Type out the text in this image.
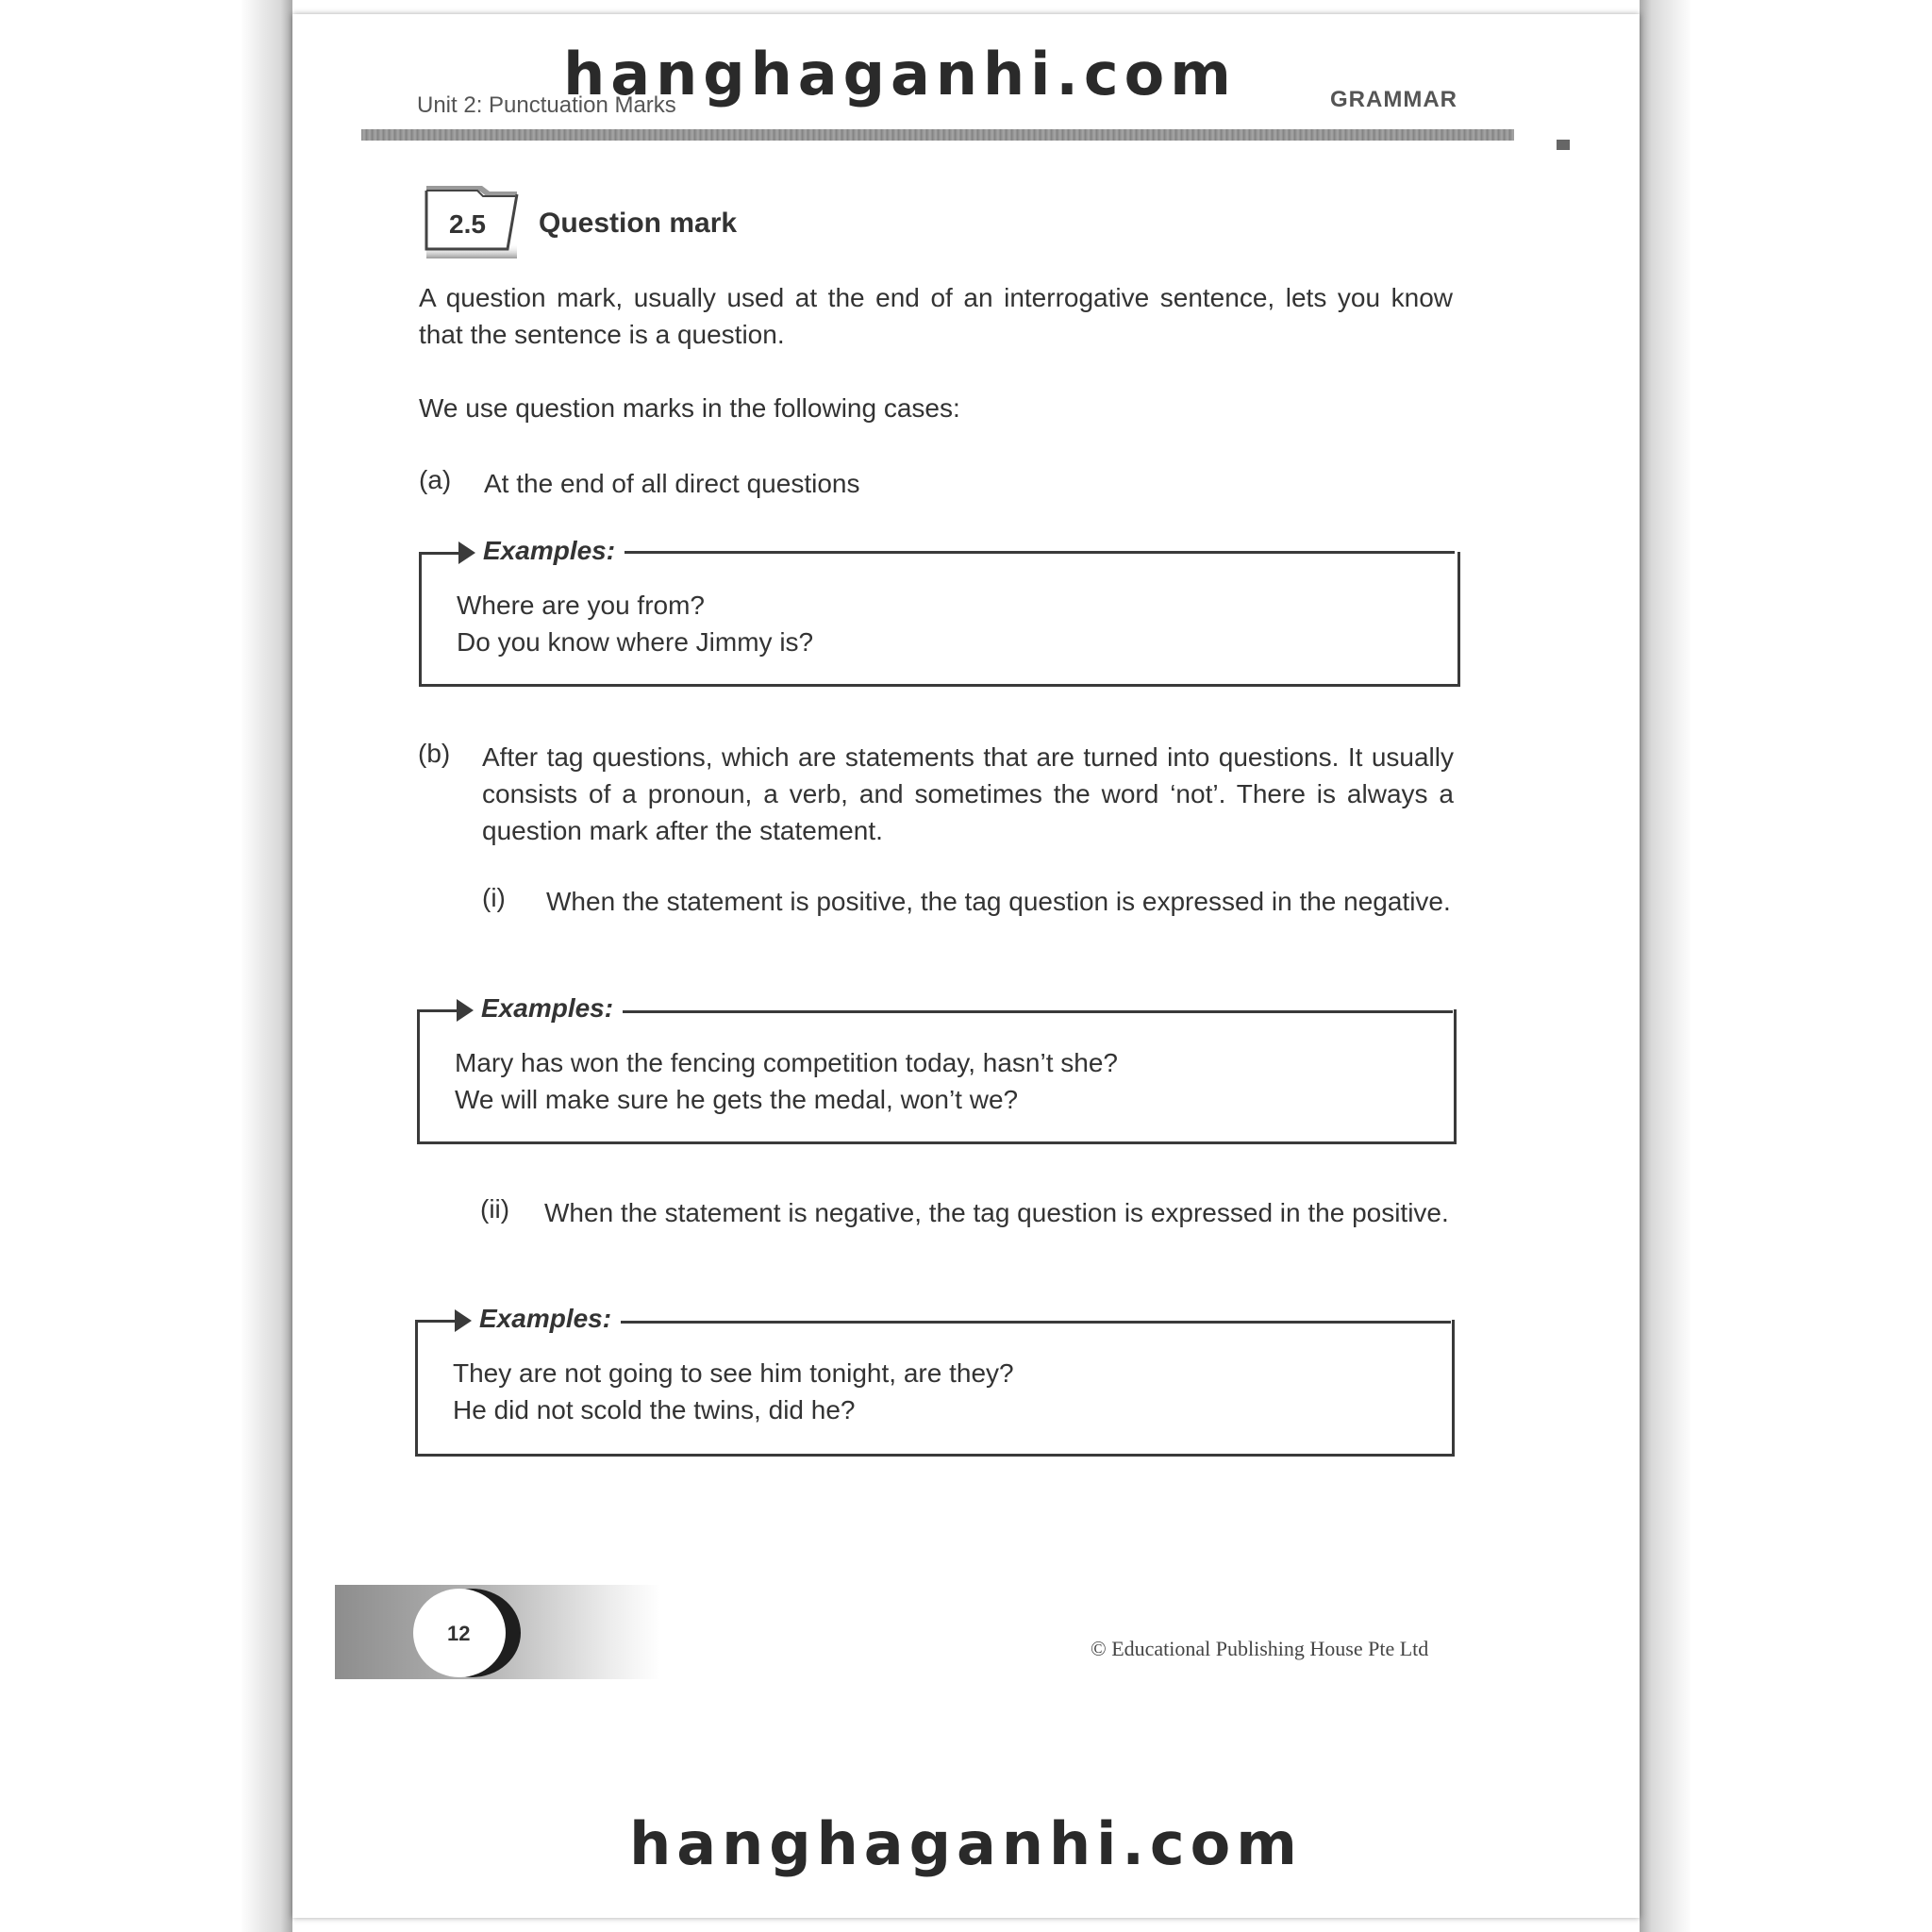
hanghaganhi.com
Unit 2: Punctuation Marks	GRAMMAR
2.5 Question mark
A question mark, usually used at the end of an interrogative sentence, lets you know that the sentence is a question.
We use question marks in the following cases:
(a) At the end of all direct questions
Examples:
Where are you from?
Do you know where Jimmy is?
(b) After tag questions, which are statements that are turned into questions. It usually consists of a pronoun, a verb, and sometimes the word ‘not’. There is always a question mark after the statement.
(i) When the statement is positive, the tag question is expressed in the negative.
Examples:
Mary has won the fencing competition today, hasn’t she?
We will make sure he gets the medal, won’t we?
(ii) When the statement is negative, the tag question is expressed in the positive.
Examples:
They are not going to see him tonight, are they?
He did not scold the twins, did he?
12
© Educational Publishing House Pte Ltd
hanghaganhi.com
